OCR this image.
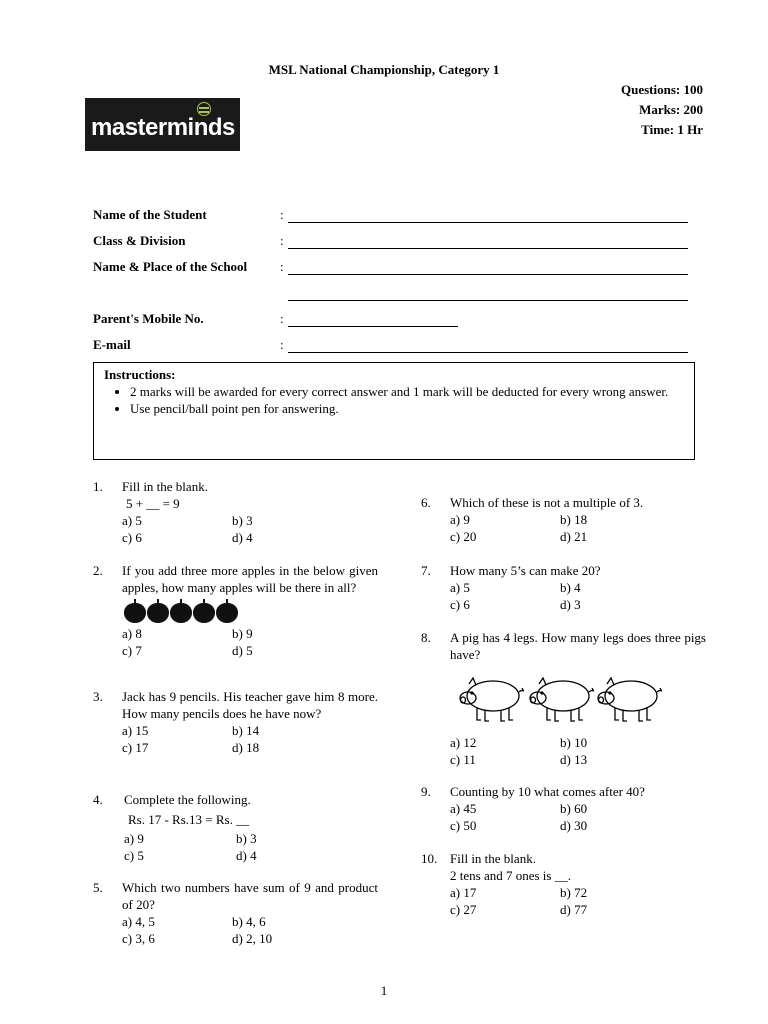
MSL National Championship, Category 1
Questions: 100
Marks: 200
Time: 1 Hr
masterminds
Name of the Student	:
Class & Division	:
Name & Place of the School	:
Parent's Mobile No.	:
E-mail	:
Instructions:
• 2 marks will be awarded for every correct answer and 1 mark will be deducted for every wrong answer.
• Use pencil/ball point pen for answering.
1. Fill in the blank.
5 + __ = 9
a) 5	b) 3
c) 6	d) 4
2. If you add three more apples in the below given apples, how many apples will be there in all?
a) 8	b) 9
c) 7	d) 5
3. Jack has 9 pencils. His teacher gave him 8 more. How many pencils does he have now?
a) 15	b) 14
c) 17	d) 18
4. Complete the following.
Rs. 17 - Rs.13 = Rs. __
a) 9	b) 3
c) 5	d) 4
5. Which two numbers have sum of 9 and product of 20?
a) 4, 5	b) 4, 6
c) 3, 6	d) 2, 10
6. Which of these is not a multiple of 3.
a) 9	b) 18
c) 20	d) 21
7. How many 5’s can make 20?
a) 5	b) 4
c) 6	d) 3
8. A pig has 4 legs. How many legs does three pigs have?
a) 12	b) 10
c) 11	d) 13
9. Counting by 10 what comes after 40?
a) 45	b) 60
c) 50	d) 30
10. Fill in the blank.
2 tens and 7 ones is __.
a) 17	b) 72
c) 27	d) 77
1
